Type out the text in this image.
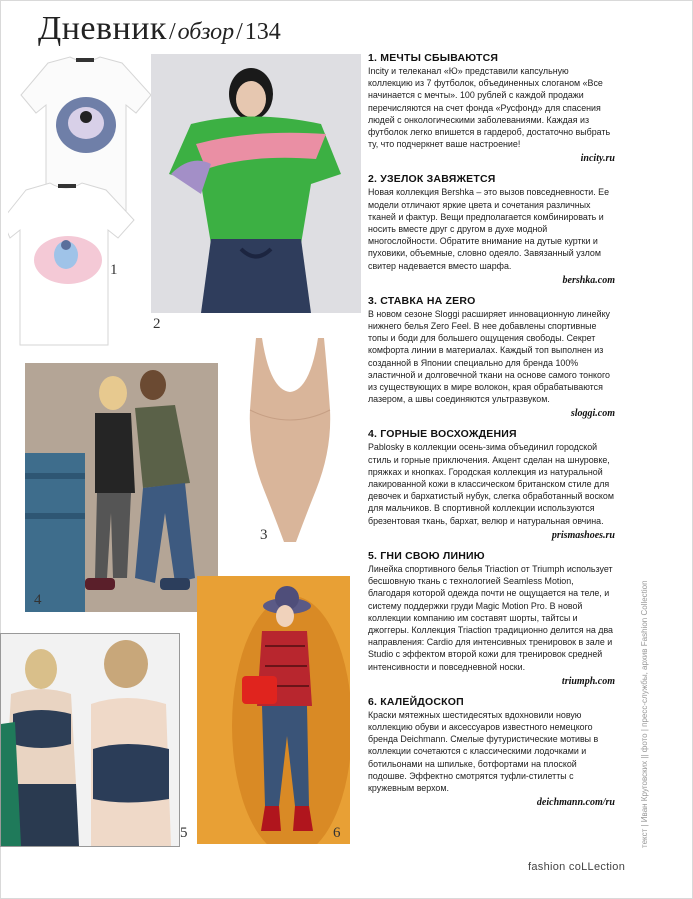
Дневник/обзор/134
1
2
3
4
5	6
1. МЕЧТЫ СБЫВАЮТСЯ

Incity и телеканал «Ю» представили капсульную коллекцию из 7 футболок, объединенных слоганом «Все начинается с мечты». 100 рублей с каждой продажи перечисляются на счет фонда «Русфонд» для спасения людей с онкологическими заболеваниями. Каждая из футболок легко впишется в гардероб, достаточно выбрать ту, что подчеркнет ваше настроение!

incity.ru
2. УЗЕЛОК ЗАВЯЖЕТСЯ

Новая коллекция Bershka – это вызов повседневности. Ее модели отличают яркие цвета и сочетания различных тканей и фактур. Вещи предполагается комбинировать и носить вместе друг с другом в духе модной многослойности. Обратите внимание на дутые куртки и пуховики, объемные, словно одеяло. Завязанный узлом свитер надевается вместо шарфа.

bershka.com
3. СТАВКА НА ZERO

В новом сезоне Sloggi расширяет инновационную линейку нижнего белья Zero Feel. В нее добавлены спортивные топы и боди для большего ощущения свободы. Секрет комфорта линии в материалах. Каждый топ выполнен из созданной в Японии специально для бренда 100% эластичной и долговечной ткани на основе самого тонкого из существующих в мире волокон, края обрабатываются лазером, а швы соединяются ультразвуком.

sloggi.com
4. ГОРНЫЕ ВОСХОЖДЕНИЯ

Pablosky в коллекции осень-зима объединил городской стиль и горные приключения. Акцент сделан на шнуровке, пряжках и кнопках. Городская коллекция из натуральной лакированной кожи в классическом британском стиле для девочек и бархатистый нубук, слегка обработанный воском для мальчиков. В спортивной коллекции используются брезентовая ткань, бархат, велюр и натуральная овчина.

prismashoes.ru
5. ГНИ СВОЮ ЛИНИЮ

Линейка спортивного белья Triaction от Triumph использует бесшовную ткань с технологией Seamless Motion, благодаря которой одежда почти не ощущается на теле, и систему поддержки груди Magic Motion Pro. В новой коллекции компанию им составят шорты, тайтсы и джоггеры. Коллекция Triaction традиционно делится на два направления: Cardio для интенсивных тренировок в зале и Studio с эффектом второй кожи для тренировок средней интенсивности и повседневной носки.

triumph.com
6. КАЛЕЙДОСКОП

Краски мятежных шестидесятых вдохновили новую коллекцию обуви и аксессуаров известного немецкого бренда Deichmann. Смелые футуристические мотивы в коллекции сочетаются с классическими лодочками и ботильонами на шпильке, ботфортами на плоской подошве. Эффектно смотрятся туфли-стилетты с кружевным верхом.

deichmann.com/ru	текст | Иван Круговских || фото | пресс-службы, архив Fashion Collection
fashion coLLection
